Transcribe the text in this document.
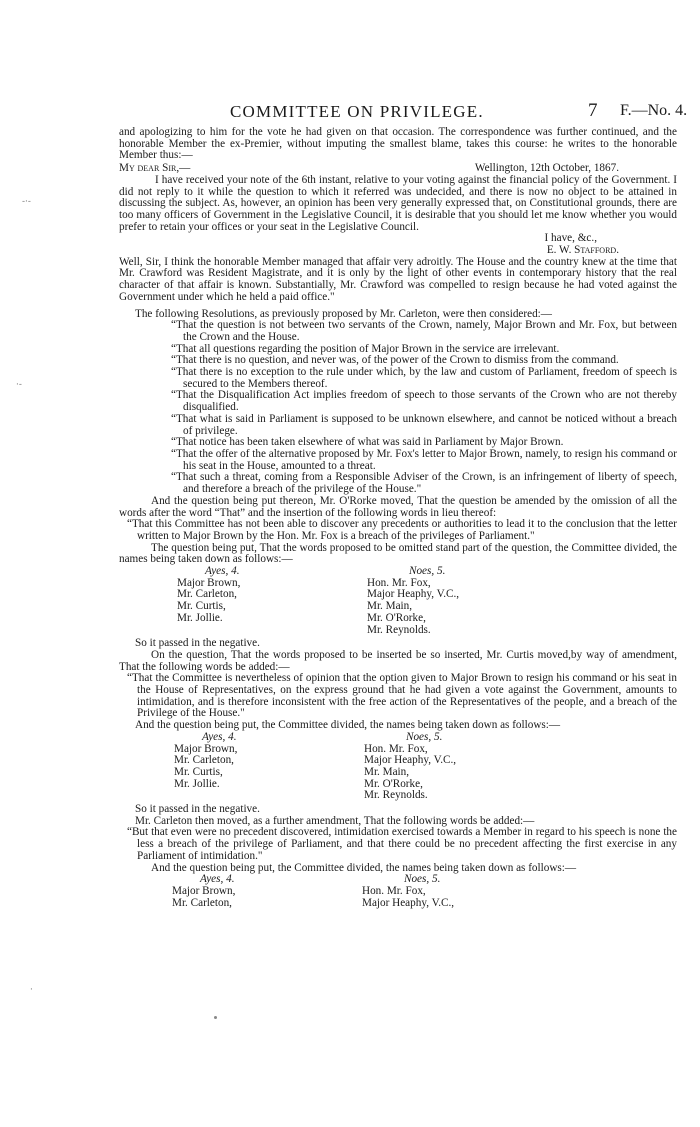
COMMITTEE ON PRIVILEGE.	7 F.—No. 4.
-·-
·-
·

and apologizing to him for the vote he had given on that occasion. The correspondence was further continued, and the honorable Member the ex-Premier, without imputing the smallest blame, takes this course: he writes to the honorable Member thus:—

My dear Sir,—	Wellington, 12th October, 1867.

I have received your note of the 6th instant, relative to your voting against the financial policy of the Government. I did not reply to it while the question to which it referred was undecided, and there is now no object to be attained in discussing the subject. As, however, an opinion has been very generally expressed that, on Constitutional grounds, there are too many officers of Government in the Legislative Council, it is desirable that you should let me know whether you would prefer to retain your offices or your seat in the Legislative Council.

I have, &c.,

E. W. Stafford.

Well, Sir, I think the honorable Member managed that affair very adroitly. The House and the country knew at the time that Mr. Crawford was Resident Magistrate, and it is only by the light of other events in contemporary history that the real character of that affair is known. Substantially, Mr. Crawford was compelled to resign because he had voted against the Government under which he held a paid office."

The following Resolutions, as previously proposed by Mr. Carleton, were then considered:—

“That the question is not between two servants of the Crown, namely, Major Brown and Mr. Fox, but between the Crown and the House.

“That all questions regarding the position of Major Brown in the service are irrelevant.

“That there is no question, and never was, of the power of the Crown to dismiss from the command.

“That there is no exception to the rule under which, by the law and custom of Parliament, freedom of speech is secured to the Members thereof.

“That the Disqualification Act implies freedom of speech to those servants of the Crown who are not thereby disqualified.

“That what is said in Parliament is supposed to be unknown elsewhere, and cannot be noticed without a breach of privilege.

“That notice has been taken elsewhere of what was said in Parliament by Major Brown.

“That the offer of the alternative proposed by Mr. Fox's letter to Major Brown, namely, to resign his command or his seat in the House, amounted to a threat.

“That such a threat, coming from a Responsible Adviser of the Crown, is an infringement of liberty of speech, and therefore a breach of the privilege of the House."

And the question being put thereon, Mr. O'Rorke moved, That the question be amended by the omission of all the words after the word “That” and the insertion of the following words in lieu thereof:

“That this Committee has not been able to discover any precedents or authorities to lead it to the conclusion that the letter written to Major Brown by the Hon. Mr. Fox is a breach of the privileges of Parliament."

The question being put, That the words proposed to be omitted stand part of the question, the Committee divided, the names being taken down as follows:—

Ayes, 4.
Major Brown,
Mr. Carleton,
Mr. Curtis,
Mr. Jollie.
Noes, 5.
Hon. Mr. Fox,
Major Heaphy, V.C.,
Mr. Main,
Mr. O'Rorke,
Mr. Reynolds.

So it passed in the negative.

On the question, That the words proposed to be inserted be so inserted, Mr. Curtis moved,by way of amendment, That the following words be added:—

“That the Committee is nevertheless of opinion that the option given to Major Brown to resign his command or his seat in the House of Representatives, on the express ground that he had given a vote against the Government, amounts to intimidation, and is therefore inconsistent with the free action of the Representatives of the people, and a breach of the Privilege of the House."

And the question being put, the Committee divided, the names being taken down as follows:—

Ayes, 4.
Major Brown,
Mr. Carleton,
Mr. Curtis,
Mr. Jollie.
Noes, 5.
Hon. Mr. Fox,
Major Heaphy, V.C.,
Mr. Main,
Mr. O'Rorke,
Mr. Reynolds.

So it passed in the negative.

Mr. Carleton then moved, as a further amendment, That the following words be added:—

“But that even were no precedent discovered, intimidation exercised towards a Member in regard to his speech is none the less a breach of the privilege of Parliament, and that there could be no precedent affecting the first exercise in any Parliament of intimidation."

And the question being put, the Committee divided, the names being taken down as follows:—

Ayes, 4.
Major Brown,
Mr. Carleton,
Noes, 5.
Hon. Mr. Fox,
Major Heaphy, V.C.,
